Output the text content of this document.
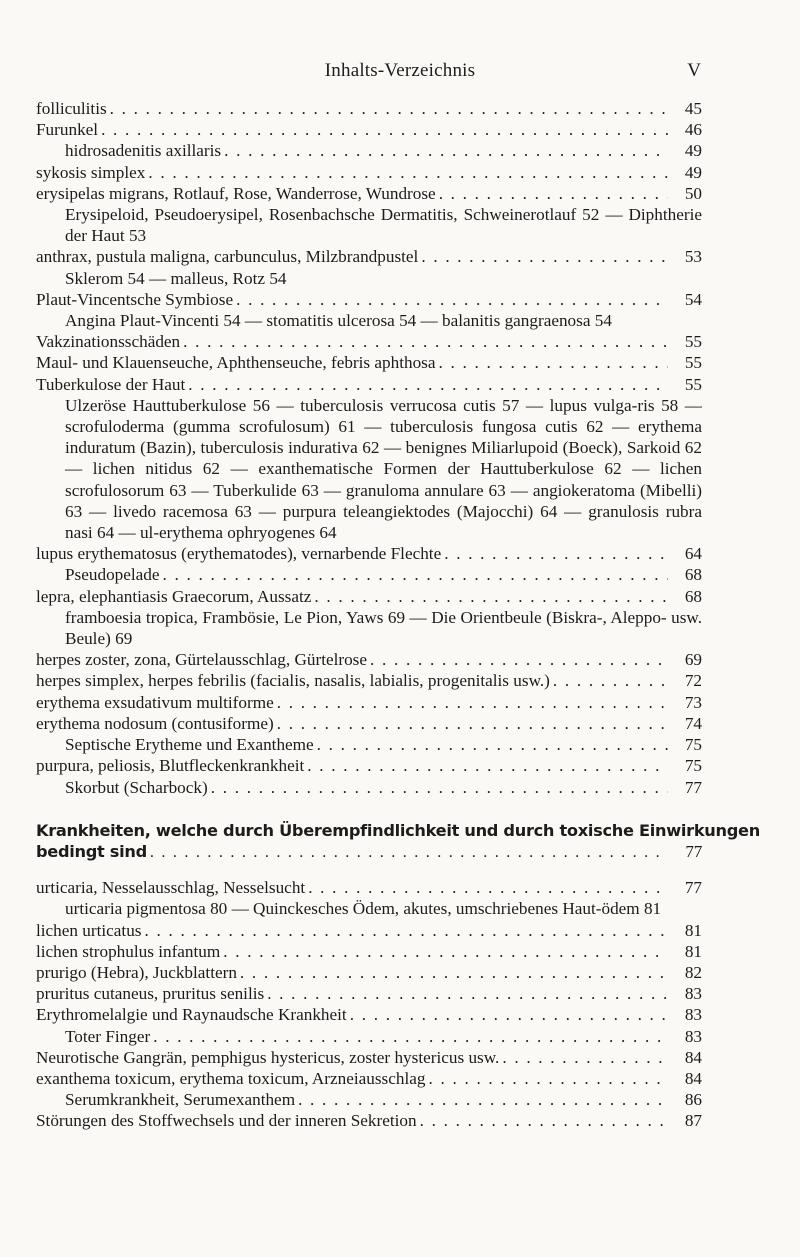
Inhalts-Verzeichnis	V
folliculitis . . .	45
Furunkel . . .	46
hidrosadenitis axillaris . . .	49
sykosis simplex . . .	49
erysipelas migrans, Rotlauf, Rose, Wanderrose, Wundrose . . .	50
Erysipeloid, Pseudoerysipel, Rosenbachsche Dermatitis, Schweinerotlauf 52 — Diphtherie der Haut 53
anthrax, pustula maligna, carbunculus, Milzbrandpustel . . .	53
Sklerom 54 — malleus, Rotz 54
Plaut-Vincentsche Symbiose . . .	54
Angina Plaut-Vincenti 54 — stomatitis ulcerosa 54 — balanitis gangraenosa 54
Vakzinationsschäden . . .	55
Maul- und Klauenseuche, Aphthenseuche, febris aphthosa . . .	55
Tuberkulose der Haut . . .	55
Ulzeröse Hauttuberkulose 56 — tuberculosis verrucosa cutis 57 — lupus vulga-ris 58 — scrofuloderma (gumma scrofulosum) 61 — tuberculosis fungosa cutis 62 — erythema induratum (Bazin), tuberculosis indurativa 62 — benignes Miliarlupoid (Boeck), Sarkoid 62 — lichen nitidus 62 — exanthematische Formen der Hauttuberkulose 62 — lichen scrofulosorum 63 — Tuberkulide 63 — granuloma annulare 63 — angiokeratoma (Mibelli) 63 — livedo racemosa 63 — purpura teleangiektodes (Majocchi) 64 — granulosis rubra nasi 64 — ul-erythema ophryogenes 64
lupus erythematosus (erythematodes), vernarbende Flechte . . .	64
Pseudopelade . . .	68
lepra, elephantiasis Graecorum, Aussatz . . .	68
framboesia tropica, Frambösie, Le Pion, Yaws 69 — Die Orientbeule (Biskra-, Aleppo- usw. Beule) 69
herpes zoster, zona, Gürtelausschlag, Gürtelrose . . .	69
herpes simplex, herpes febrilis (facialis, nasalis, labialis, progenitalis usw.) . . .	72
erythema exsudativum multiforme . . .	73
erythema nodosum (contusiforme) . . .	74
Septische Erytheme und Exantheme . . .	75
purpura, peliosis, Blutfleckenkrankheit . . .	75
Skorbut (Scharbock) . . .	77
Krankheiten, welche durch Überempfindlichkeit und durch toxische Einwirkungen
bedingt sind . . .	77
urticaria, Nesselausschlag, Nesselsucht . . .	77
urticaria pigmentosa 80 — Quinckesches Ödem, akutes, umschriebenes Haut-ödem 81
lichen urticatus . . .	81
lichen strophulus infantum . . .	81
prurigo (Hebra), Juckblattern . . .	82
pruritus cutaneus, pruritus senilis . . .	83
Erythromelalgie und Raynaudsche Krankheit . . .	83
Toter Finger . . .	83
Neurotische Gangrän, pemphigus hystericus, zoster hystericus usw. . . .	84
exanthema toxicum, erythema toxicum, Arzneiausschlag . . .	84
Serumkrankheit, Serumexanthem . . .	86
Störungen des Stoffwechsels und der inneren Sekretion . . .	87
